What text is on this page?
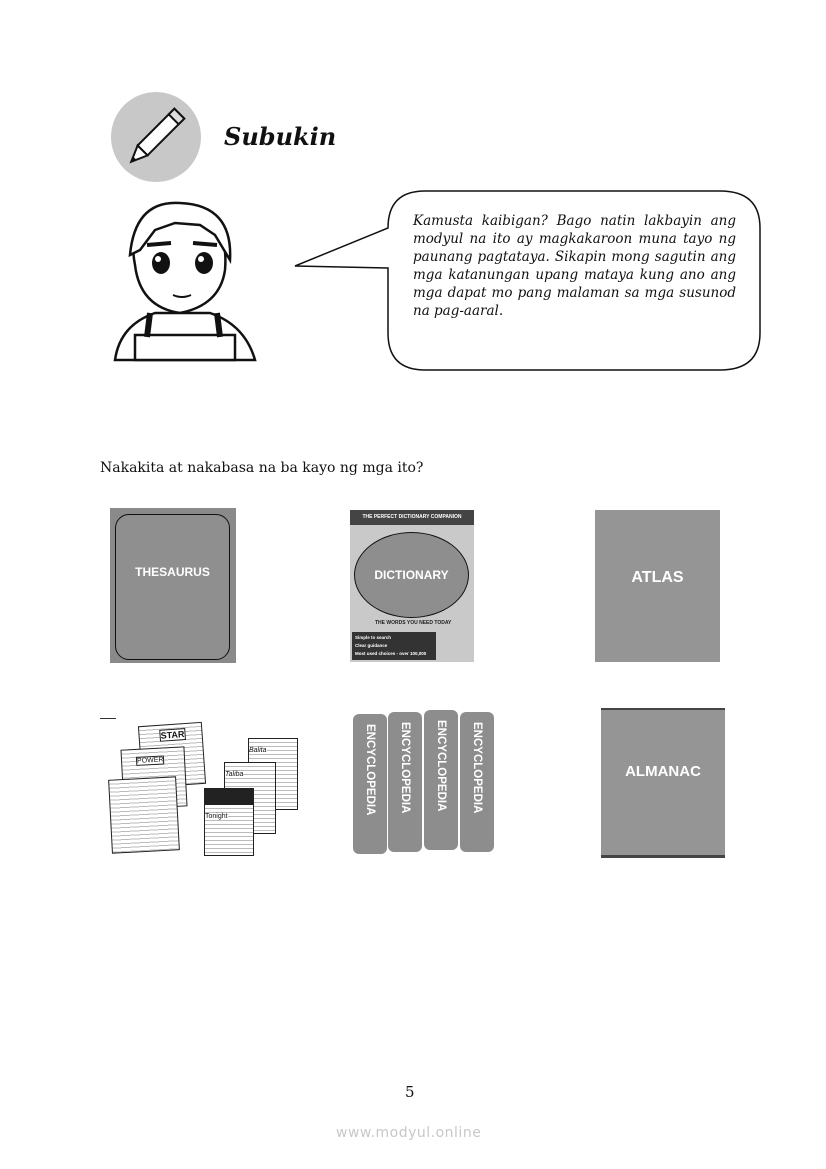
Subukin
Kamusta kaibigan? Bago natin lakbayin ang modyul na ito ay magkakaroon muna tayo ng paunang pagtataya. Sikapin mong sagutin ang mga katanungan upang mataya kung ano ang mga dapat mo pang malaman sa mga susunod na pag-aaral.
Nakakita at nakabasa na ba kayo ng mga ito?
THESAURUS
THE PERFECT DICTIONARY COMPANION
DICTIONARY
THE WORDS YOU NEED TODAY
Simple to search
Clear guidance
Most used choices - over 100,000
ATLAS
STAR
POWER
Balita
Taliba
Tonight
ENCYCLOPEDIA	ENCYCLOPEDIA	ENCYCLOPEDIA	ENCYCLOPEDIA	ALMANAC
5
www.modyul.online
